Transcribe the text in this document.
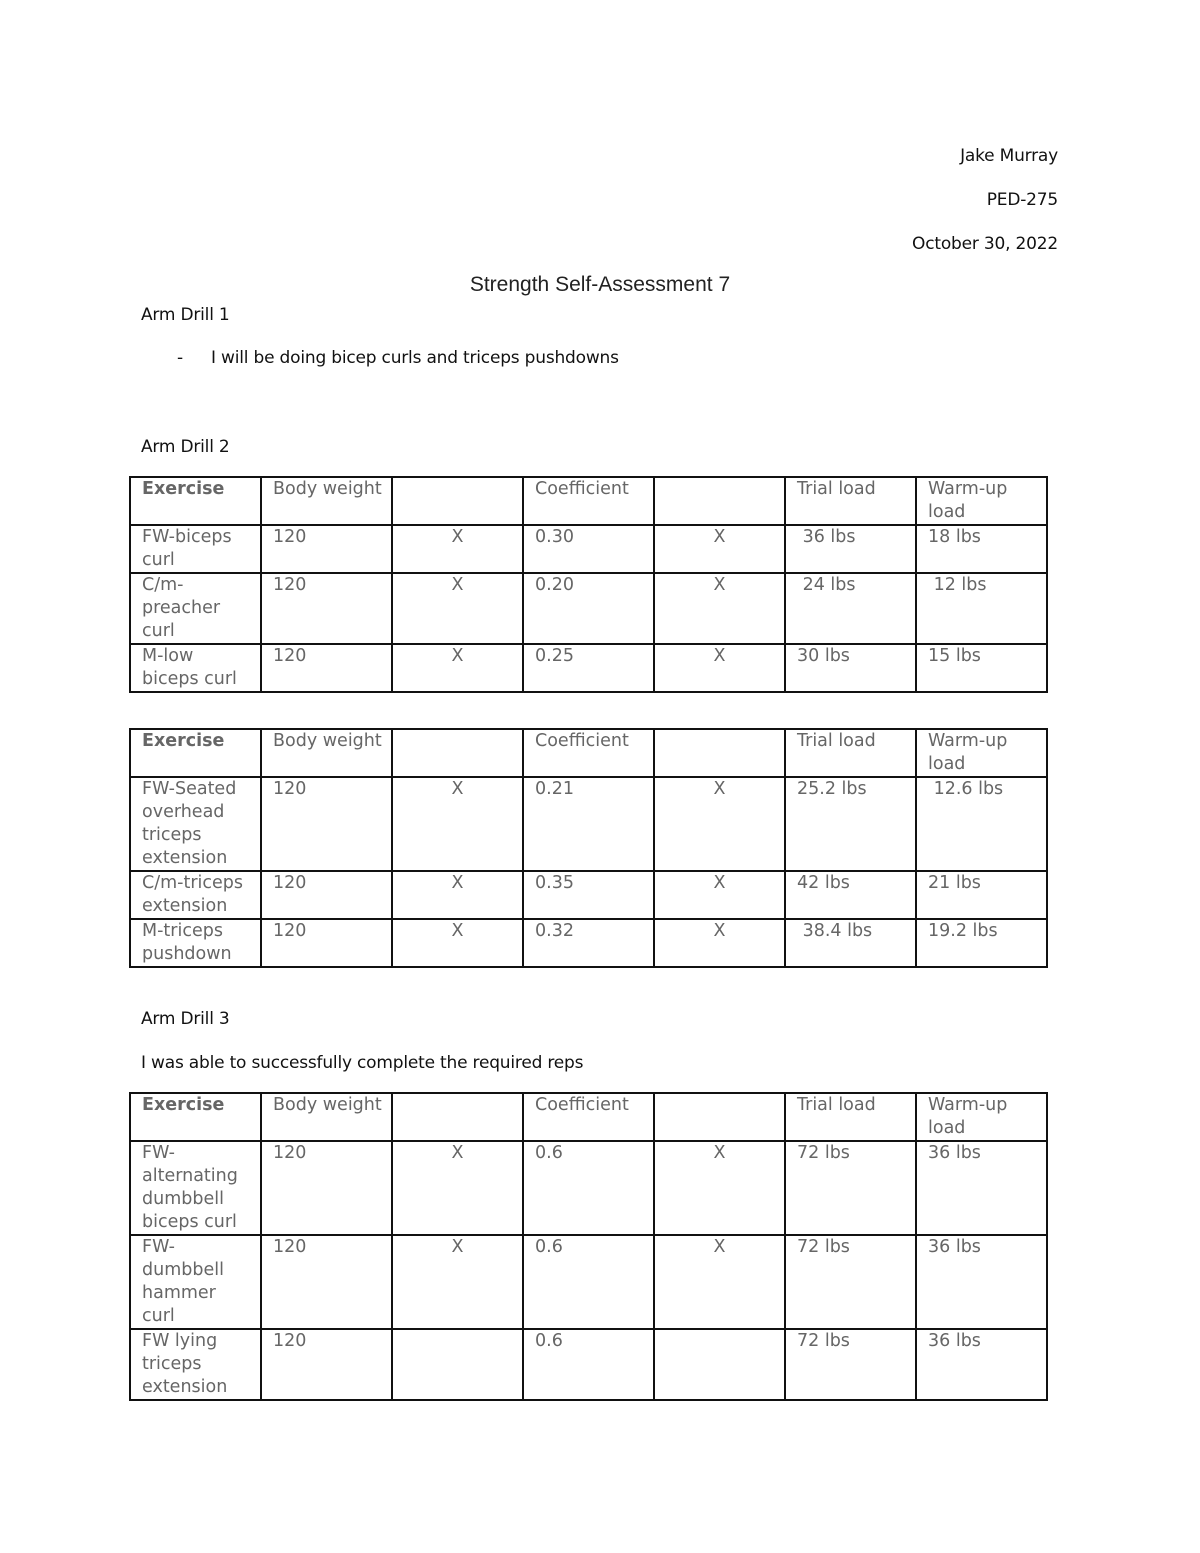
Jake Murray
PED-275
October 30, 2022
Strength Self-Assessment 7
Arm Drill 1
- I will be doing bicep curls and triceps pushdowns
Arm Drill 2
Exercise	Body weight		Coefficient		Trial load	Warm-up load
FW-biceps curl	120	X	0.30	X	36 lbs	18 lbs
C/m-preacher curl	120	X	0.20	X	24 lbs	12 lbs
M-low biceps curl	120	X	0.25	X	30 lbs	15 lbs
Exercise	Body weight		Coefficient		Trial load	Warm-up load
FW-Seated overhead triceps extension	120	X	0.21	X	25.2 lbs	12.6 lbs
C/m-triceps extension	120	X	0.35	X	42 lbs	21 lbs
M-triceps pushdown	120	X	0.32	X	38.4 lbs	19.2 lbs
Arm Drill 3
I was able to successfully complete the required reps
Exercise	Body weight		Coefficient		Trial load	Warm-up load
FW-alternating dumbbell biceps curl	120	X	0.6	X	72 lbs	36 lbs
FW-dumbbell hammer curl	120	X	0.6	X	72 lbs	36 lbs
FW lying triceps extension	120		0.6		72 lbs	36 lbs
